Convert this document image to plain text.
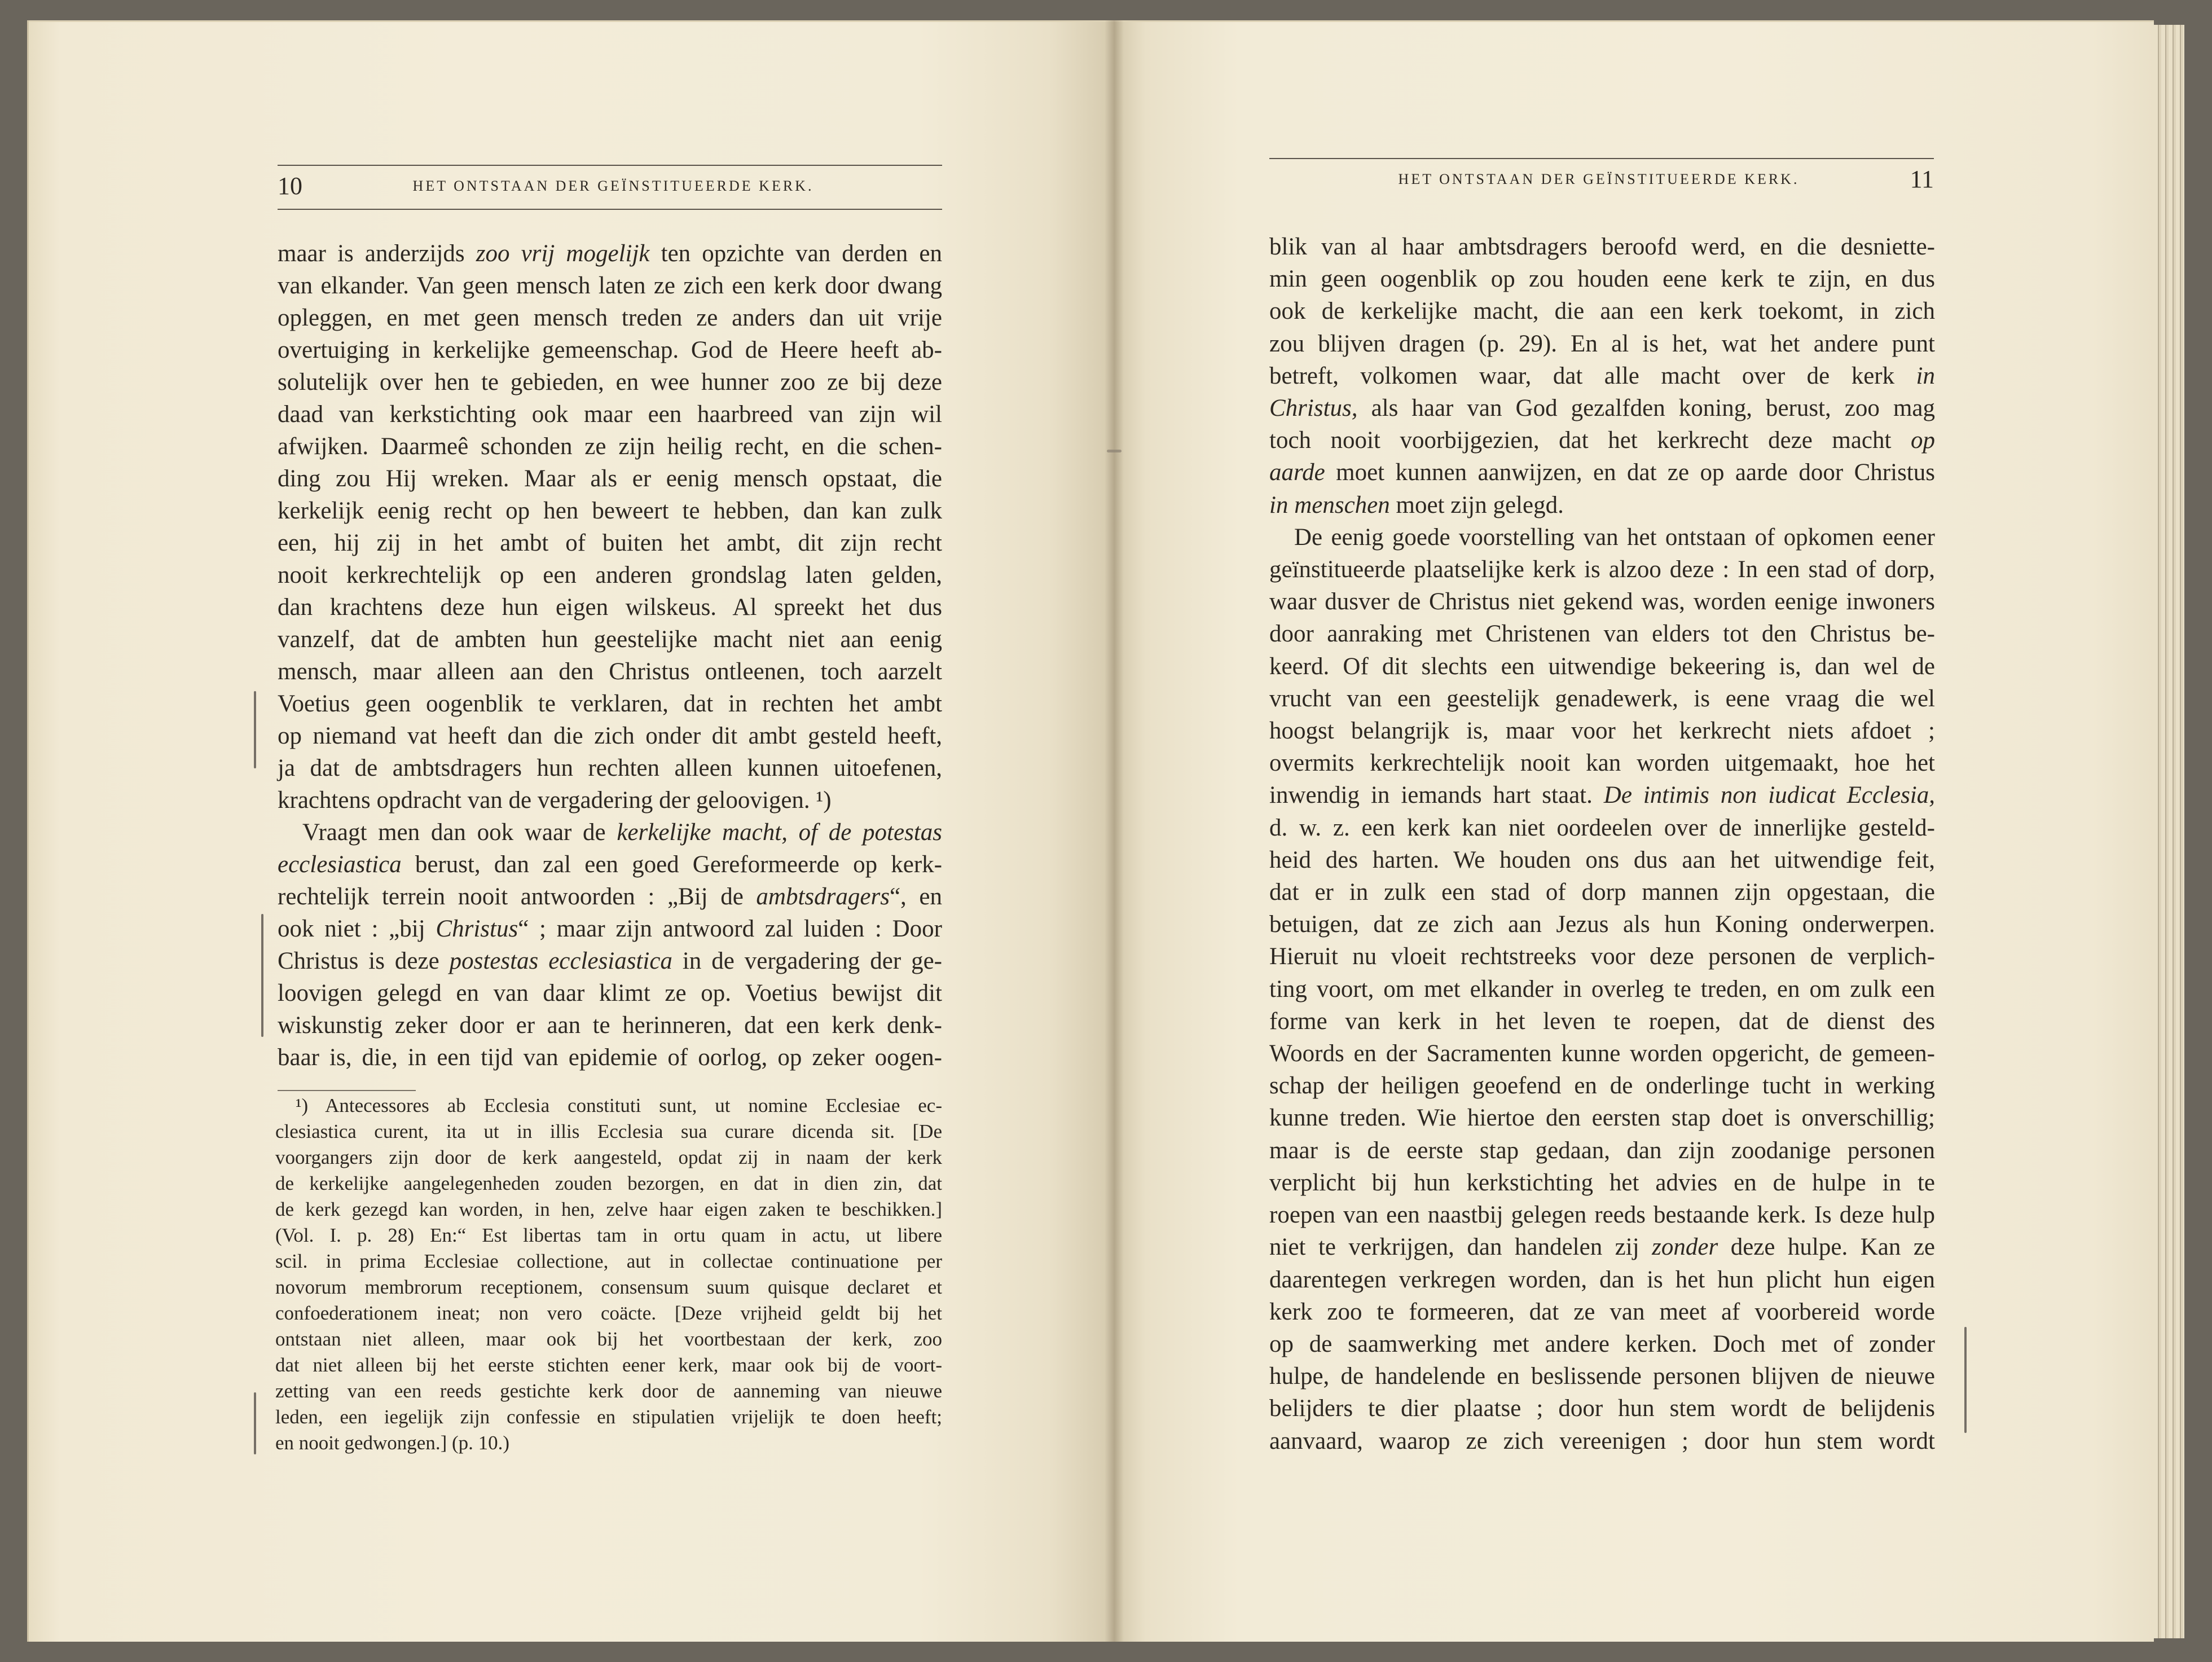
10	HET ONTSTAAN DER GEÏNSTITUEERDE KERK.
maar is anderzijds zoo vrij mogelijk ten opzichte van derden en
van elkander. Van geen mensch laten ze zich een kerk door dwang
opleggen, en met geen mensch treden ze anders dan uit vrije
overtuiging in kerkelijke gemeenschap. God de Heere heeft ab-
solutelijk over hen te gebieden, en wee hunner zoo ze bij deze
daad van kerkstichting ook maar een haarbreed van zijn wil
afwijken. Daarmeê schonden ze zijn heilig recht, en die schen-
ding zou Hij wreken. Maar als er eenig mensch opstaat, die
kerkelijk eenig recht op hen beweert te hebben, dan kan zulk
een, hij zij in het ambt of buiten het ambt, dit zijn recht
nooit kerkrechtelijk op een anderen grondslag laten gelden,
dan krachtens deze hun eigen wilskeus. Al spreekt het dus
vanzelf, dat de ambten hun geestelijke macht niet aan eenig
mensch, maar alleen aan den Christus ontleenen, toch aarzelt
Voetius geen oogenblik te verklaren, dat in rechten het ambt
op niemand vat heeft dan die zich onder dit ambt gesteld heeft,
ja dat de ambtsdragers hun rechten alleen kunnen uitoefenen,
krachtens opdracht van de vergadering der geloovigen. ¹)
Vraagt men dan ook waar de kerkelijke macht, of de potestas
ecclesiastica berust, dan zal een goed Gereformeerde op kerk-
rechtelijk terrein nooit antwoorden : „Bij de ambtsdragers“, en
ook niet : „bij Christus“ ; maar zijn antwoord zal luiden : Door
Christus is deze postestas ecclesiastica in de vergadering der ge-
loovigen gelegd en van daar klimt ze op. Voetius bewijst dit
wiskunstig zeker door er aan te herinneren, dat een kerk denk-
baar is, die, in een tijd van epidemie of oorlog, op zeker oogen-
¹) Antecessores ab Ecclesia constituti sunt, ut nomine Ecclesiae ec-
clesiastica curent, ita ut in illis Ecclesia sua curare dicenda sit. [De
voorgangers zijn door de kerk aangesteld, opdat zij in naam der kerk
de kerkelijke aangelegenheden zouden bezorgen, en dat in dien zin, dat
de kerk gezegd kan worden, in hen, zelve haar eigen zaken te beschikken.]
(Vol. I. p. 28) En:“ Est libertas tam in ortu quam in actu, ut libere
scil. in prima Ecclesiae collectione, aut in collectae continuatione per
novorum membrorum receptionem, consensum suum quisque declaret et
confoederationem ineat; non vero coäcte. [Deze vrijheid geldt bij het
ontstaan niet alleen, maar ook bij het voortbestaan der kerk, zoo
dat niet alleen bij het eerste stichten eener kerk, maar ook bij de voort-
zetting van een reeds gestichte kerk door de aanneming van nieuwe
leden, een iegelijk zijn confessie en stipulatien vrijelijk te doen heeft;
en nooit gedwongen.] (p. 10.)
HET ONTSTAAN DER GEÏNSTITUEERDE KERK.	11
blik van al haar ambtsdragers beroofd werd, en die desniette-
min geen oogenblik op zou houden eene kerk te zijn, en dus
ook de kerkelijke macht, die aan een kerk toekomt, in zich
zou blijven dragen (p. 29). En al is het, wat het andere punt
betreft, volkomen waar, dat alle macht over de kerk in
Christus, als haar van God gezalfden koning, berust, zoo mag
toch nooit voorbijgezien, dat het kerkrecht deze macht op
aarde moet kunnen aanwijzen, en dat ze op aarde door Christus
in menschen moet zijn gelegd.
De eenig goede voorstelling van het ontstaan of opkomen eener
geïnstitueerde plaatselijke kerk is alzoo deze : In een stad of dorp,
waar dusver de Christus niet gekend was, worden eenige inwoners
door aanraking met Christenen van elders tot den Christus be-
keerd. Of dit slechts een uitwendige bekeering is, dan wel de
vrucht van een geestelijk genadewerk, is eene vraag die wel
hoogst belangrijk is, maar voor het kerkrecht niets afdoet ;
overmits kerkrechtelijk nooit kan worden uitgemaakt, hoe het
inwendig in iemands hart staat. De intimis non iudicat Ecclesia,
d. w. z. een kerk kan niet oordeelen over de innerlijke gesteld-
heid des harten. We houden ons dus aan het uitwendige feit,
dat er in zulk een stad of dorp mannen zijn opgestaan, die
betuigen, dat ze zich aan Jezus als hun Koning onderwerpen.
Hieruit nu vloeit rechtstreeks voor deze personen de verplich-
ting voort, om met elkander in overleg te treden, en om zulk een
forme van kerk in het leven te roepen, dat de dienst des
Woords en der Sacramenten kunne worden opgericht, de gemeen-
schap der heiligen geoefend en de onderlinge tucht in werking
kunne treden. Wie hiertoe den eersten stap doet is onverschillig;
maar is de eerste stap gedaan, dan zijn zoodanige personen
verplicht bij hun kerkstichting het advies en de hulpe in te
roepen van een naastbij gelegen reeds bestaande kerk. Is deze hulp
niet te verkrijgen, dan handelen zij zonder deze hulpe. Kan ze
daarentegen verkregen worden, dan is het hun plicht hun eigen
kerk zoo te formeeren, dat ze van meet af voorbereid worde
op de saamwerking met andere kerken. Doch met of zonder
hulpe, de handelende en beslissende personen blijven de nieuwe
belijders te dier plaatse ; door hun stem wordt de belijdenis
aanvaard, waarop ze zich vereenigen ; door hun stem wordt
